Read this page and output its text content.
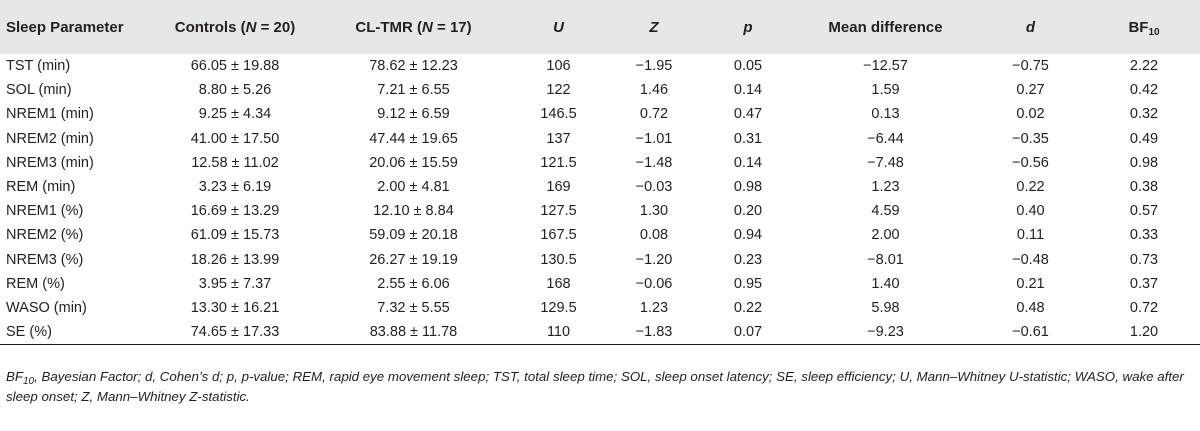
Sleep Parameter	Controls (N = 20)	CL-TMR (N = 17)	U	Z	p	Mean difference	d	$BF_{10}$
TST (min)	66.05 ± 19.88	78.62 ± 12.23	106	−1.95	0.05	−12.57	−0.75	2.22
SOL (min)	8.80 ± 5.26	7.21 ± 6.55	122	1.46	0.14	1.59	0.27	0.42
NREM1 (min)	9.25 ± 4.34	9.12 ± 6.59	146.5	0.72	0.47	0.13	0.02	0.32
NREM2 (min)	41.00 ± 17.50	47.44 ± 19.65	137	−1.01	0.31	−6.44	−0.35	0.49
NREM3 (min)	12.58 ± 11.02	20.06 ± 15.59	121.5	−1.48	0.14	−7.48	−0.56	0.98
REM (min)	3.23 ± 6.19	2.00 ± 4.81	169	−0.03	0.98	1.23	0.22	0.38
NREM1 (%)	16.69 ± 13.29	12.10 ± 8.84	127.5	1.30	0.20	4.59	0.40	0.57
NREM2 (%)	61.09 ± 15.73	59.09 ± 20.18	167.5	0.08	0.94	2.00	0.11	0.33
NREM3 (%)	18.26 ± 13.99	26.27 ± 19.19	130.5	−1.20	0.23	−8.01	−0.48	0.73
REM (%)	3.95 ± 7.37	2.55 ± 6.06	168	−0.06	0.95	1.40	0.21	0.37
WASO (min)	13.30 ± 16.21	7.32 ± 5.55	129.5	1.23	0.22	5.98	0.48	0.72
SE (%)	74.65 ± 17.33	83.88 ± 11.78	110	−1.83	0.07	−9.23	−0.61	1.20
$BF_{10}$, Bayesian Factor; d, Cohen’s d; p, p-value; REM, rapid eye movement sleep; TST, total sleep time; SOL, sleep onset latency; SE, sleep efficiency; U, Mann–Whitney U-statistic; WASO, wake after sleep onset; Z, Mann–Whitney Z-statistic.
